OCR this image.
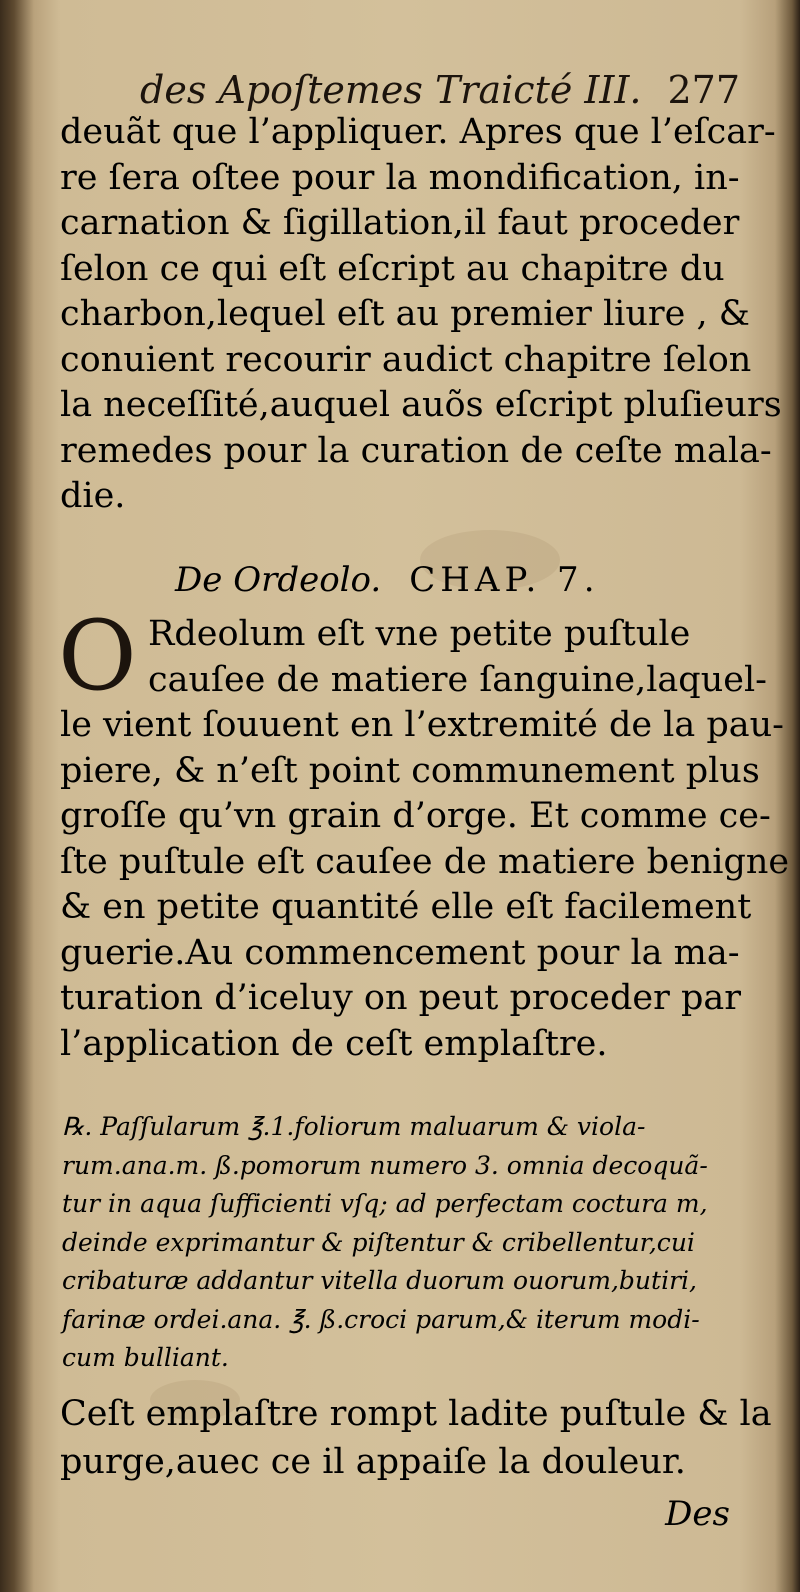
des Apoſtemes Traicté III. 277
deuãt que l’appliquer. Apres que l’eſcar-
re ſera oſtee pour la mondification, in-
carnation & ſigillation,il faut proceder
ſelon ce qui eſt eſcript au chapitre du
charbon,lequel eſt au premier liure , &
conuient recourir audict chapitre ſelon
la neceſſité,auquel auõs eſcript pluſieurs
remedes pour la curation de ceſte mala-
die.
De Ordeolo. CHAP. 7.
O Rdeolum eſt vne petite puſtule
cauſee de matiere ſanguine,laquel-
le vient ſouuent en l’extremité de la pau-
piere, & n’eſt point communement plus
groſſe qu’vn grain d’orge. Et comme ce-
ſte puſtule eſt cauſee de matiere benigne
& en petite quantité elle eſt facilement
guerie.Au commencement pour la ma-
turation d’iceluy on peut proceder par
l’application de ceſt emplaſtre.
℞. Paſſularum ℥.1.foliorum maluarum & viola-
rum.ana.m. ß.pomorum numero 3. omnia decoquã-
tur in aqua ſufficienti vſq; ad perfectam coctura m,
deinde exprimantur & piſtentur & cribellentur,cui
cribaturæ addantur vitella duorum ouorum,butiri,
farinæ ordei.ana. ℥. ß.croci parum,& iterum modi-
cum bulliant.
Ceſt emplaſtre rompt ladite puſtule & la
purge,auec ce il appaiſe la douleur.
Des
